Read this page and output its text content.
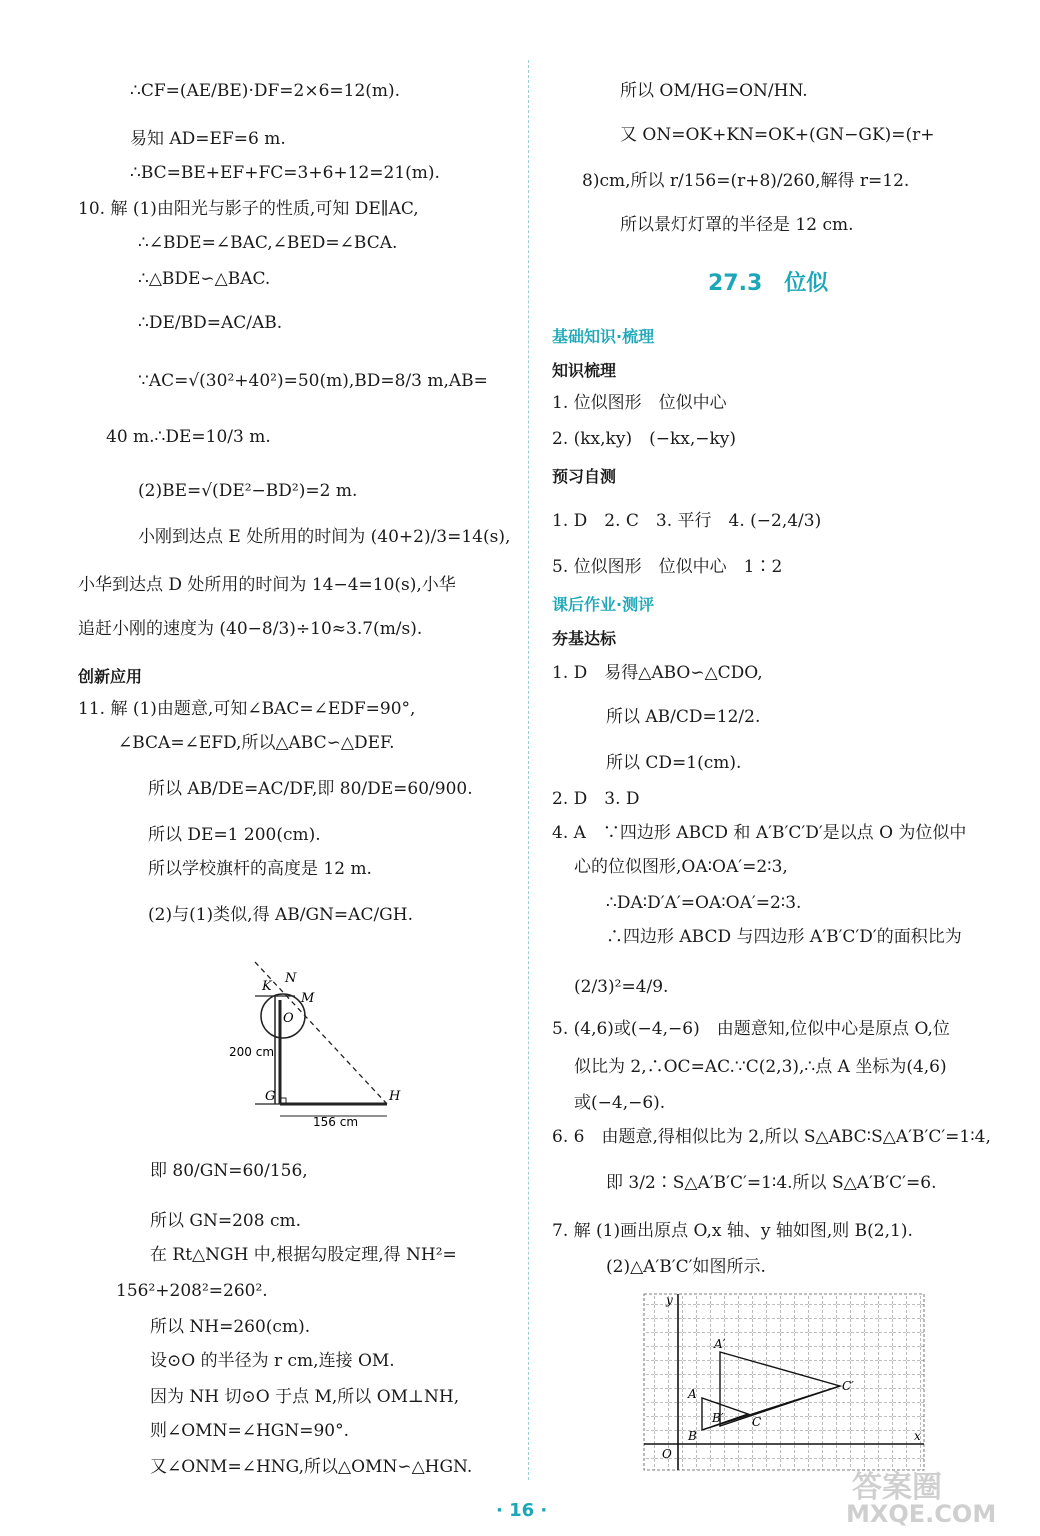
∴CF=(AE/BE)·DF=2×6=12(m).
易知 AD=EF=6 m.
∴BC=BE+EF+FC=3+6+12=21(m).
10. 解 (1)由阳光与影子的性质,可知 DE∥AC,
∴∠BDE=∠BAC,∠BED=∠BCA.
∴△BDE∽△BAC.
∴DE/BD=AC/AB.
∵AC=√(30²+40²)=50(m),BD=8/3 m,AB=
40 m.∴DE=10/3 m.
(2)BE=√(DE²−BD²)=2 m.
小刚到达点 E 处所用的时间为 (40+2)/3=14(s),
小华到达点 D 处所用的时间为 14−4=10(s),小华
追赶小刚的速度为 (40−8/3)÷10≈3.7(m/s).
创新应用
11. 解 (1)由题意,可知∠BAC=∠EDF=90°,
∠BCA=∠EFD,所以△ABC∽△DEF.
所以 AB/DE=AC/DF,即 80/DE=60/900.
所以 DE=1 200(cm).
所以学校旗杆的高度是 12 m.
(2)与(1)类似,得 AB/GN=AC/GH.
N
K
M
O
G	H
200 cm
156 cm
即 80/GN=60/156,
所以 GN=208 cm.
在 Rt△NGH 中,根据勾股定理,得 NH²=
156²+208²=260².
所以 NH=260(cm).
设⊙O 的半径为 r cm,连接 OM.
因为 NH 切⊙O 于点 M,所以 OM⊥NH,
则∠OMN=∠HGN=90°.
又∠ONM=∠HNG,所以△OMN∽△HGN.
所以 OM/HG=ON/HN.
又 ON=OK+KN=OK+(GN−GK)=(r+
8)cm,所以 r/156=(r+8)/260,解得 r=12.
所以景灯灯罩的半径是 12 cm.
27.3　位似
基础知识·梳理
知识梳理
1. 位似图形　位似中心
2. (kx,ky)　(−kx,−ky)
预习自测
1. D　2. C　3. 平行　4. (−2,4/3)
5. 位似图形　位似中心　1∶2
课后作业·测评
夯基达标
1. D　易得△ABO∽△CDO,
所以 AB/CD=12/2.
所以 CD=1(cm).
2. D　3. D
4. A　∵四边形 ABCD 和 A′B′C′D′是以点 O 为位似中
心的位似图形,OA∶OA′=2∶3,
∴DA∶D′A′=OA∶OA′=2∶3.
∴四边形 ABCD 与四边形 A′B′C′D′的面积比为
(2/3)²=4/9.
5. (4,6)或(−4,−6)　由题意知,位似中心是原点 O,位
似比为 2,∴OC=AC.∵C(2,3),∴点 A 坐标为(4,6)
或(−4,−6).
6. 6　由题意,得相似比为 2,所以 S△ABC∶S△A′B′C′=1∶4,
即 3/2∶S△A′B′C′=1∶4.所以 S△A′B′C′=6.
7. 解 (1)画出原点 O,x 轴、y 轴如图,则 B(2,1).
(2)△A′B′C′如图所示.
y
x
O
A
B
C
A′
B′
C′
· 16 ·
答案圈
MXQE.COM
